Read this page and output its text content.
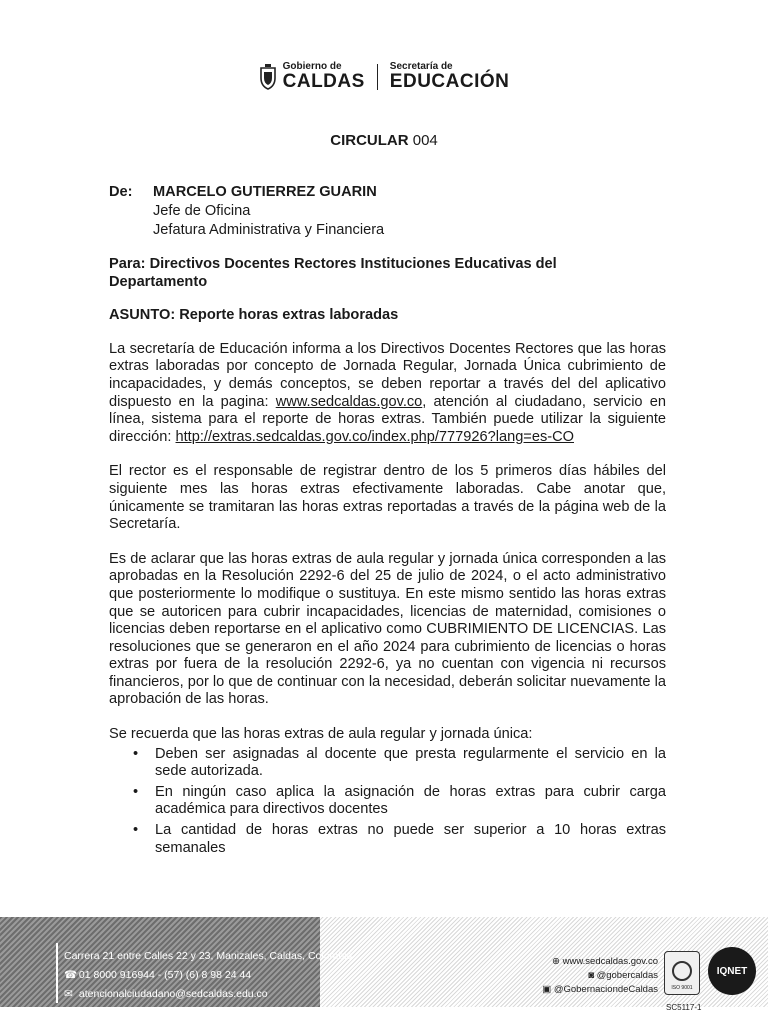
Gobierno de
CALDAS
Secretaría de
EDUCACIÓN
CIRCULAR 004
De:	MARCELO GUTIERREZ GUARIN
Jefe de Oficina
Jefatura Administrativa y Financiera
Para: Directivos Docentes Rectores Instituciones Educativas del
Departamento
ASUNTO: Reporte horas extras laboradas

La secretaría de Educación informa a los Directivos Docentes Rectores que las horas extras laboradas por concepto de Jornada Regular, Jornada Única cubrimiento de incapacidades, y demás conceptos, se deben reportar a través del del aplicativo dispuesto en la pagina: www.sedcaldas.gov.co, atención al ciudadano, servicio en línea, sistema para el reporte de horas extras. También puede utilizar la siguiente dirección: http://extras.sedcaldas.gov.co/index.php/777926?lang=es-CO

El rector es el responsable de registrar dentro de los 5 primeros días hábiles del siguiente mes las horas extras efectivamente laboradas. Cabe anotar que, únicamente se tramitaran las horas extras reportadas a través de la página web de la Secretaría.

Es de aclarar que las horas extras de aula regular y jornada única corresponden a las aprobadas en la Resolución 2292-6 del 25 de julio de 2024, o el acto administrativo que posteriormente lo modifique o sustituya. En este mismo sentido las horas extras que se autoricen para cubrir incapacidades, licencias de maternidad, comisiones o licencias deben reportarse en el aplicativo como CUBRIMIENTO DE LICENCIAS. Las resoluciones que se generaron en el año 2024 para cubrimiento de licencias o horas extras por fuera de la resolución 2292-6, ya no cuentan con vigencia ni recursos financieros, por lo que de continuar con la necesidad, deberán solicitar nuevamente la aprobación de las horas.

Se recuerda que las horas extras de aula regular y jornada única:

• Deben ser asignadas al docente que presta regularmente el servicio en la sede autorizada.
• En ningún caso aplica la asignación de horas extras para cubrir carga académica para directivos docentes
• La cantidad de horas extras no puede ser superior a 10 horas extras semanales
Carrera 21 entre Calles 22 y 23, Manizales, Caldas, Colombia
☎ 01 8000 916944 - (57) (6) 8 98 24 44
✉ atencionalciudadano@sedcaldas.edu.co
⊕ www.sedcaldas.gov.co
◙ @gobercaldas
▣ @GobernaciondeCaldas	ISO 9001
IQNET
SC5117-1
